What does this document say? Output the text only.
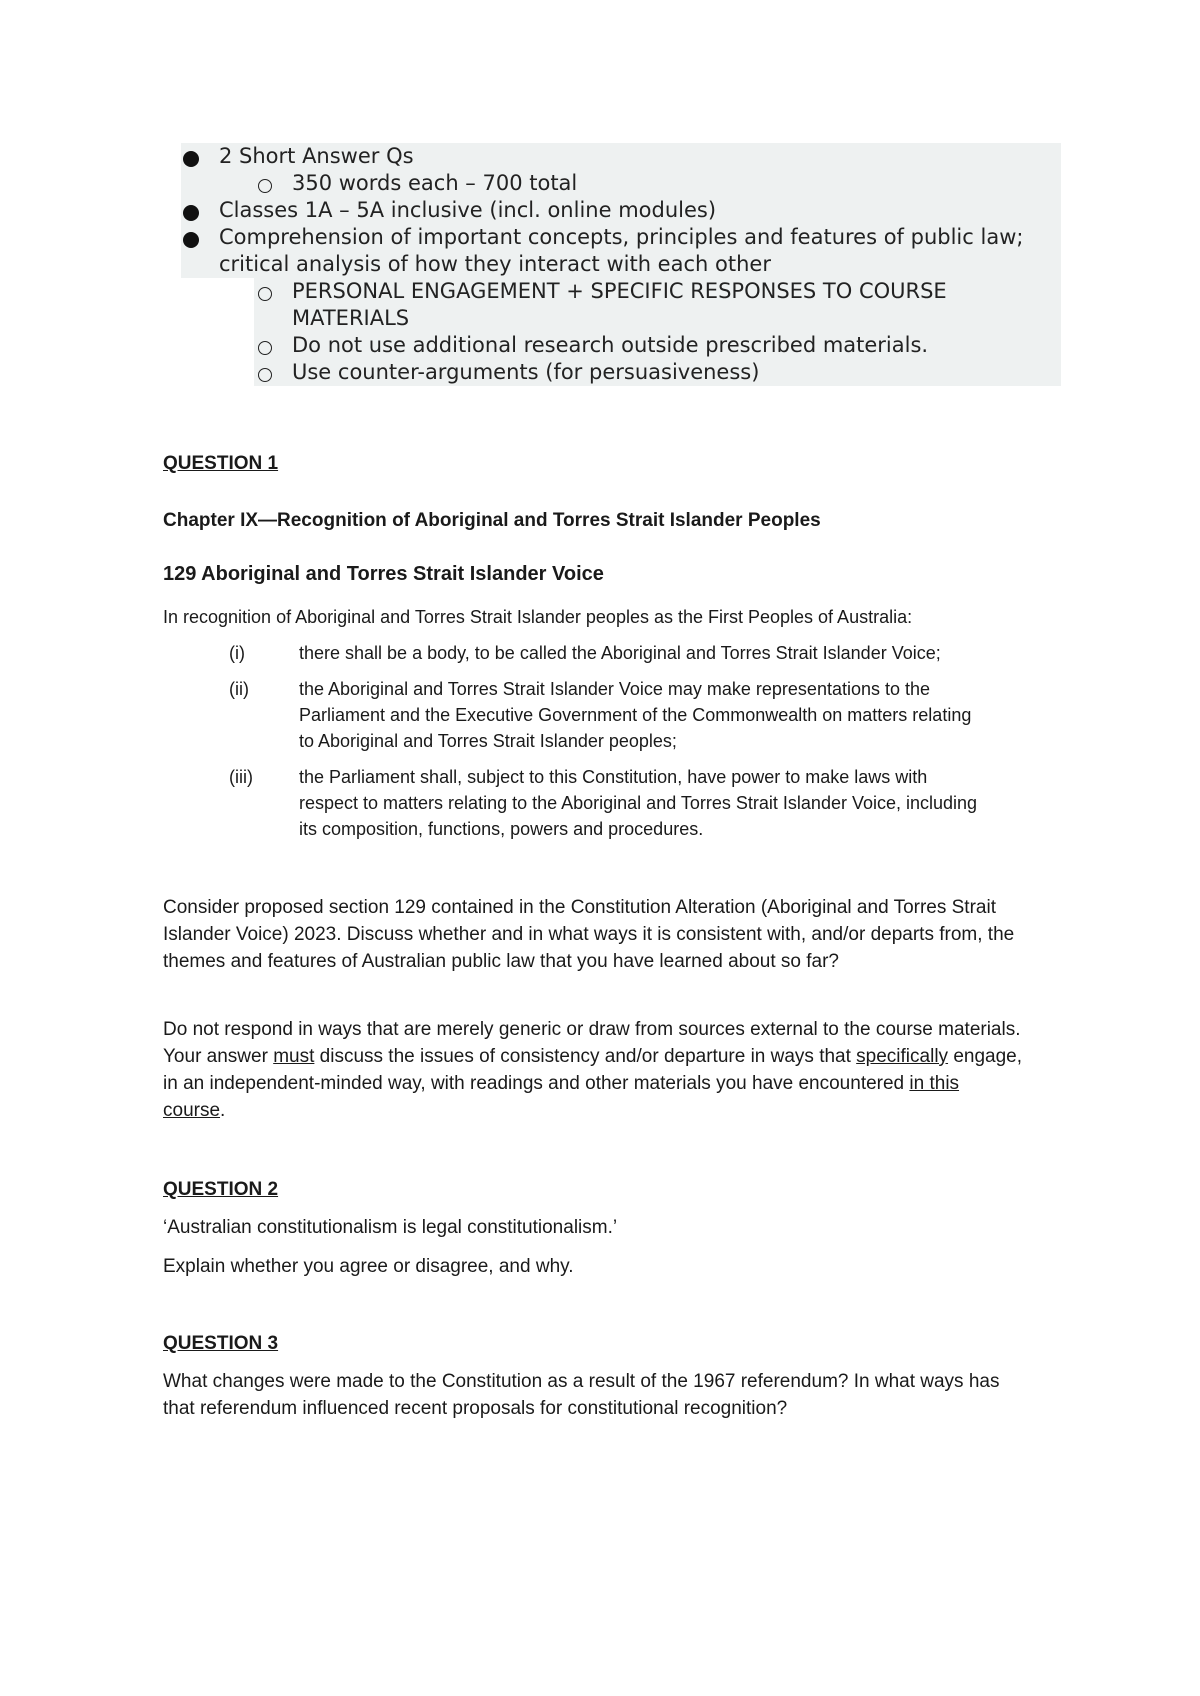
2 Short Answer Qs
350 words each – 700 total
Classes 1A – 5A inclusive (incl. online modules)
Comprehension of important concepts, principles and features of public law; critical analysis of how they interact with each other
PERSONAL ENGAGEMENT + SPECIFIC RESPONSES TO COURSE MATERIALS
Do not use additional research outside prescribed materials.
Use counter-arguments (for persuasiveness)
QUESTION 1
Chapter IX—Recognition of Aboriginal and Torres Strait Islander Peoples
129 Aboriginal and Torres Strait Islander Voice
In recognition of Aboriginal and Torres Strait Islander peoples as the First Peoples of Australia:
(i)	there shall be a body, to be called the Aboriginal and Torres Strait Islander Voice;
(ii)	the Aboriginal and Torres Strait Islander Voice may make representations to the Parliament and the Executive Government of the Commonwealth on matters relating to Aboriginal and Torres Strait Islander peoples;
(iii)	the Parliament shall, subject to this Constitution, have power to make laws with respect to matters relating to the Aboriginal and Torres Strait Islander Voice, including its composition, functions, powers and procedures.
Consider proposed section 129 contained in the Constitution Alteration (Aboriginal and Torres Strait Islander Voice) 2023. Discuss whether and in what ways it is consistent with, and/or departs from, the themes and features of Australian public law that you have learned about so far?
Do not respond in ways that are merely generic or draw from sources external to the course materials. Your answer must discuss the issues of consistency and/or departure in ways that specifically engage, in an independent-minded way, with readings and other materials you have encountered in this course.
QUESTION 2
‘Australian constitutionalism is legal constitutionalism.’
Explain whether you agree or disagree, and why.
QUESTION 3
What changes were made to the Constitution as a result of the 1967 referendum? In what ways has that referendum influenced recent proposals for constitutional recognition?
